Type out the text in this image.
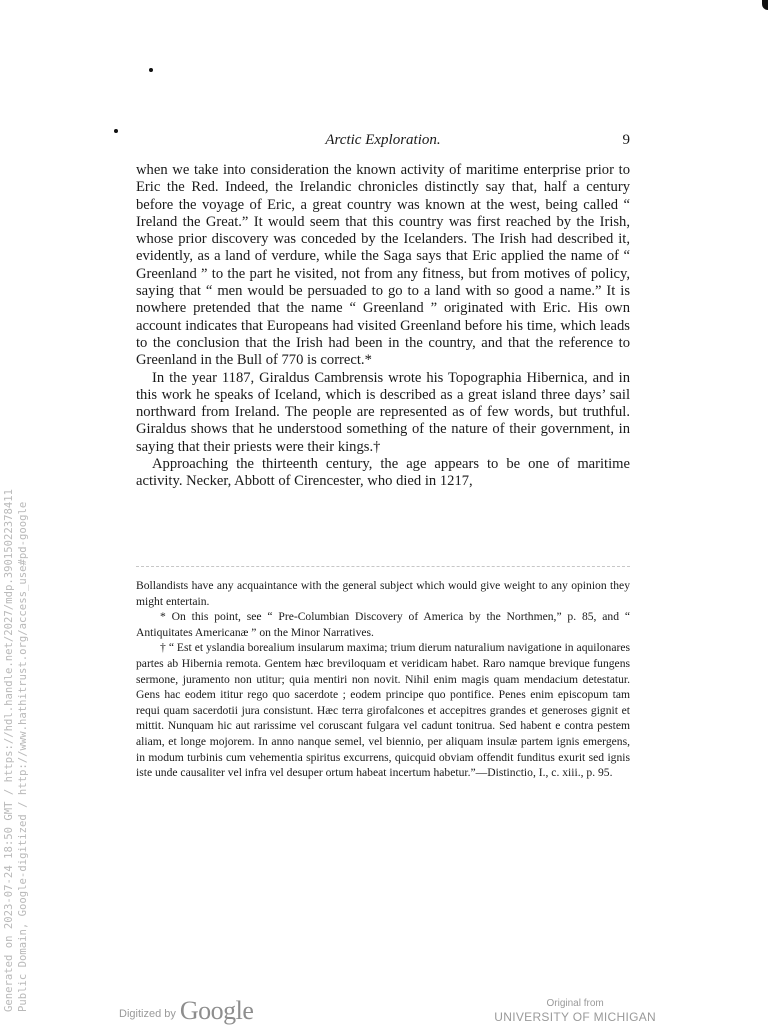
Arctic Exploration.	9

when we take into consideration the known activity of maritime enterprise prior to Eric the Red. Indeed, the Irelandic chronicles distinctly say that, half a century before the voyage of Eric, a great country was known at the west, being called “ Ireland the Great.” It would seem that this country was first reached by the Irish, whose prior discovery was conceded by the Icelanders. The Irish had described it, evidently, as a land of verdure, while the Saga says that Eric applied the name of “ Greenland ” to the part he visited, not from any fitness, but from motives of policy, saying that “ men would be persuaded to go to a land with so good a name.” It is nowhere pretended that the name “ Greenland ” originated with Eric. His own account indicates that Europeans had visited Greenland before his time, which leads to the conclusion that the Irish had been in the country, and that the reference to Greenland in the Bull of 770 is correct.*

In the year 1187, Giraldus Cambrensis wrote his Topographia Hibernica, and in this work he speaks of Iceland, which is described as a great island three days’ sail northward from Ireland. The people are represented as of few words, but truthful. Giraldus shows that he understood something of the nature of their government, in saying that their priests were their kings.†

Approaching the thirteenth century, the age appears to be one of maritime activity. Necker, Abbott of Cirencester, who died in 1217,

Bollandists have any acquaintance with the general subject which would give weight to any opinion they might entertain.

* On this point, see “ Pre-Columbian Discovery of America by the Northmen,” p. 85, and “ Antiquitates Americanæ ” on the Minor Narratives.

† “ Est et yslandia borealium insularum maxima; trium dierum naturalium navigatione in aquilonares partes ab Hibernia remota. Gentem hæc breviloquam et veridicam habet. Raro namque brevique fungens sermone, juramento non utitur; quia mentiri non novit. Nihil enim magis quam mendacium detestatur. Gens hac eodem ititur rego quo sacerdote ; eodem principe quo pontifice. Penes enim episcopum tam requi quam sacerdotii jura consistunt. Hæc terra girofalcones et accepitres grandes et generoses gignit et mittit. Nunquam hic aut rarissime vel coruscant fulgara vel cadunt tonitrua. Sed habent e contra pestem aliam, et longe mojorem. In anno nanque semel, vel biennio, per aliquam insulæ partem ignis emergens, in modum turbinis cum vehementia spiritus excurrens, quicquid obviam offendit funditus exurit sed ignis iste unde causaliter vel infra vel desuper ortum habeat incertum habetur.”—Distinctio, I., c. xiii., p. 95.

Generated on 2023-07-24 18:50 GMT / https://hdl.handle.net/2027/mdp.39015022378411 Public Domain, Google-digitized / http://www.hathitrust.org/access_use#pd-google
Digitized by Google	Original from
UNIVERSITY OF MICHIGAN
